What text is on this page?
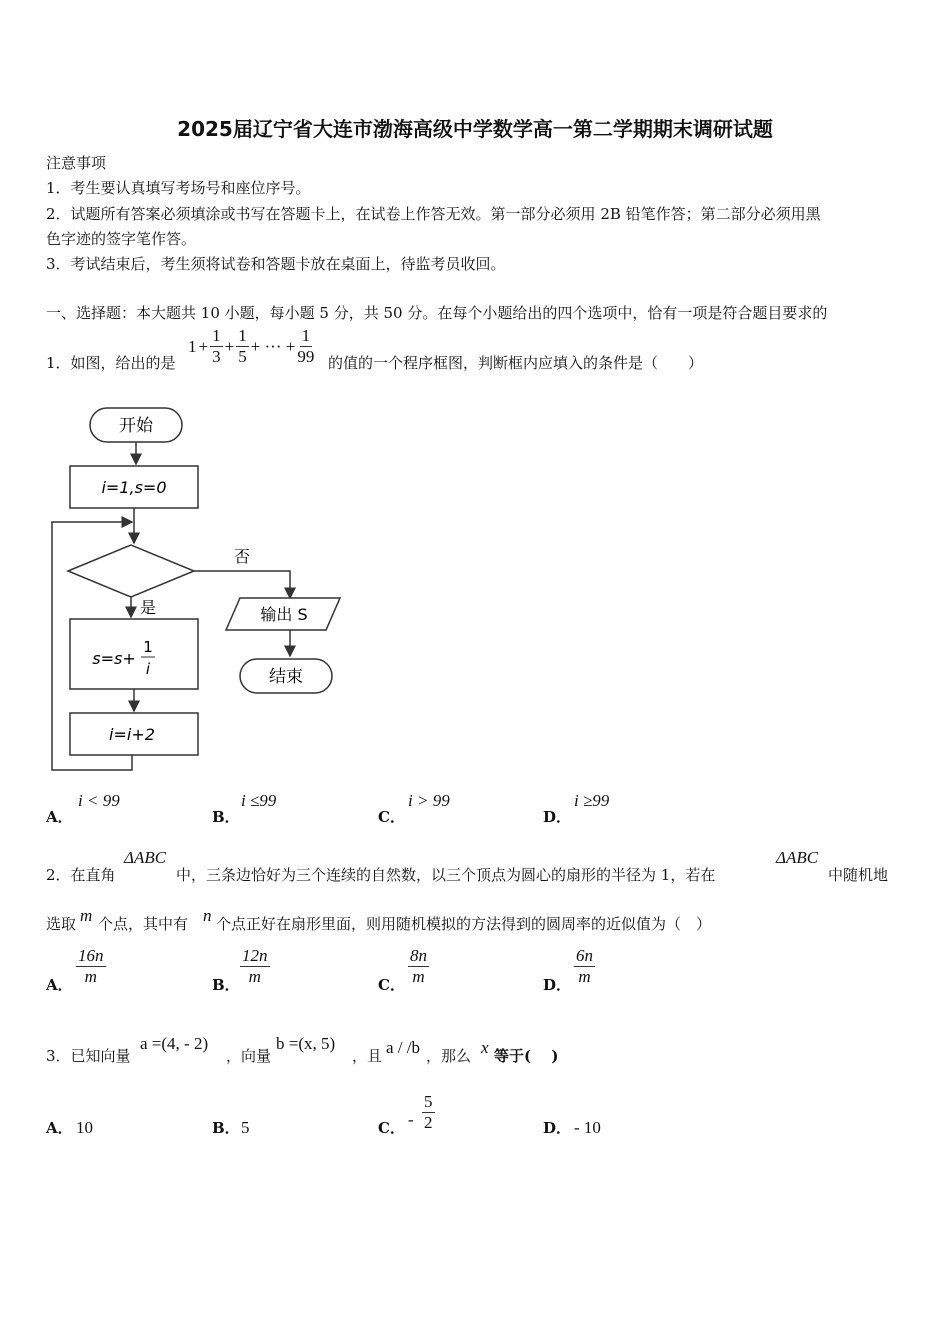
2025届辽宁省大连市渤海高级中学数学高一第二学期期末调研试题
注意事项
1．考生要认真填写考场号和座位序号。
2．试题所有答案必须填涂或书写在答题卡上，在试卷上作答无效。第一部分必须用 2B 铅笔作答；第二部分必须用黑
色字迹的签字笔作答。
3．考试结束后，考生须将试卷和答题卡放在桌面上，待监考员收回。
一、选择题：本大题共 10 小题，每小题 5 分，共 50 分。在每个小题给出的四个选项中，恰有一项是符合题目要求的
1．如图，给出的是
$1 + \frac{1}{3} + \frac{1}{5}$ + ··· + $\frac{1}{99}$ 的值的一个程序框图，判断框内应填入的条件是（　　）
开始
i=1,s=0
否
输出 S
结束
是
s=s+
1
i
i=i+2
A．
i < 99
B．
i ≤99
C．
i > 99
D．
i ≥99
2．在直角
ΔABC
中，三条边恰好为三个连续的自然数，以三个顶点为圆心的扇形的半径为 1，若在
ΔABC
中随机地
选取 m 个点，其中有 n 个点正好在扇形里面，则用随机模拟的方法得到的圆周率的近似值为（　）
A． $\frac{16n}{m}$	B． $\frac{12n}{m}$	C． $\frac{8n}{m}$	D． $\frac{6n}{m}$
3．已知向量
a =(4, - 2)
，向量
b =(x, 5)
，且 a / /b ，那么 x 等于(　 )
A． 10	B． 5	C． - $\frac{5}{2}$	D． - 10
